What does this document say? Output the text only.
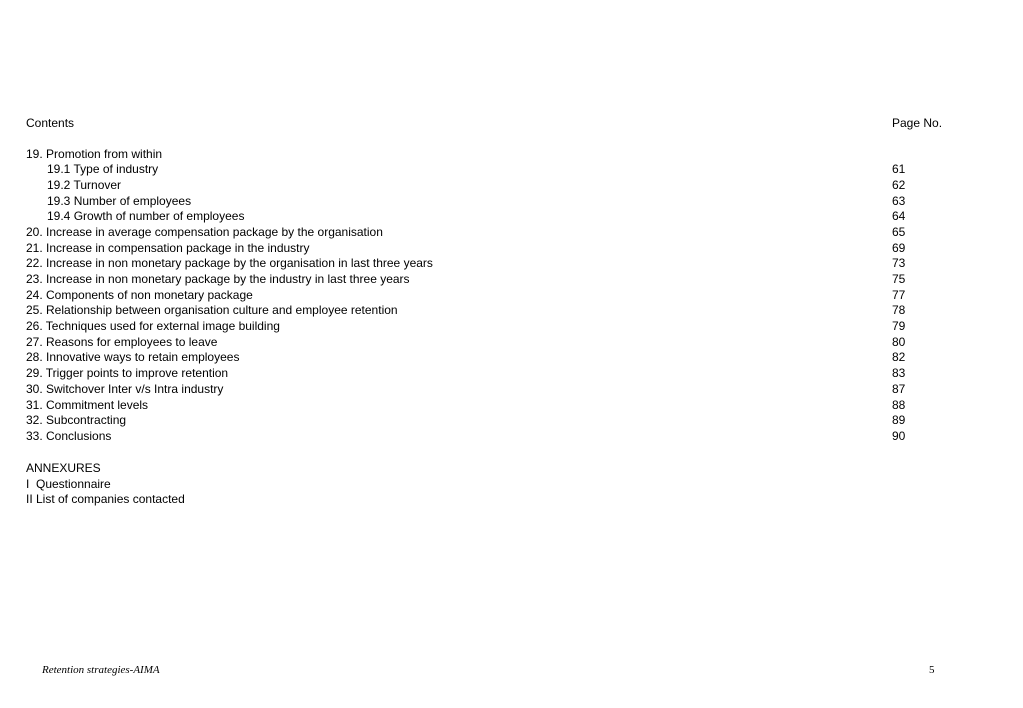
Contents	Page No.
19. Promotion from within
19.1 Type of industry	61
19.2 Turnover	62
19.3 Number of employees	63
19.4 Growth of number of employees	64
20. Increase in average compensation package by the organisation	65
21. Increase in compensation package in the industry	69
22. Increase in non monetary package by the organisation in last three years	73
23. Increase in non monetary package by the industry in last three years	75
24. Components of non monetary package	77
25. Relationship between organisation culture and employee retention	78
26. Techniques used for external image building	79
27. Reasons for employees to leave	80
28. Innovative ways to retain employees	82
29. Trigger points to improve retention	83
30. Switchover Inter v/s Intra industry	87
31. Commitment levels	88
32. Subcontracting	89
33. Conclusions	90
ANNEXURES
I  Questionnaire
II List of companies contacted
Retention strategies-AIMA	5
